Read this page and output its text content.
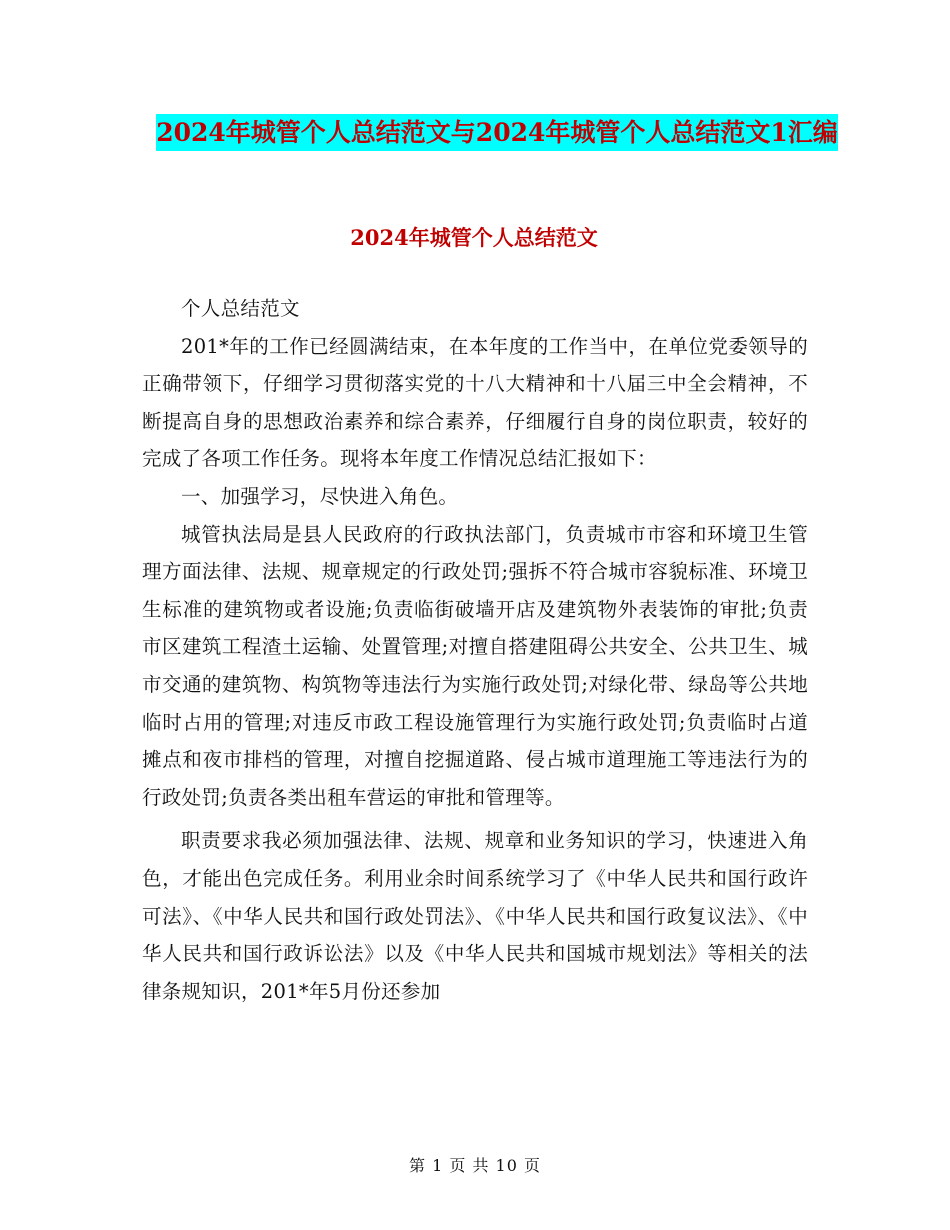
2024年城管个人总结范文与2024年城管个人总结范文1汇编
2024年城管个人总结范文

个人总结范文

201*年的工作已经圆满结束，在本年度的工作当中，在单位党委领导的正确带领下，仔细学习贯彻落实党的十八大精神和十八届三中全会精神，不断提高自身的思想政治素养和综合素养，仔细履行自身的岗位职责，较好的完成了各项工作任务。现将本年度工作情况总结汇报如下：

一、加强学习，尽快进入角色。

城管执法局是县人民政府的行政执法部门，负责城市市容和环境卫生管理方面法律、法规、规章规定的行政处罚;强拆不符合城市容貌标准、环境卫生标准的建筑物或者设施;负责临街破墙开店及建筑物外表装饰的审批;负责市区建筑工程渣土运输、处置管理;对擅自搭建阻碍公共安全、公共卫生、城市交通的建筑物、构筑物等违法行为实施行政处罚;对绿化带、绿岛等公共地临时占用的管理;对违反市政工程设施管理行为实施行政处罚;负责临时占道摊点和夜市排档的管理，对擅自挖掘道路、侵占城市道理施工等违法行为的行政处罚;负责各类出租车营运的审批和管理等。

职责要求我必须加强法律、法规、规章和业务知识的学习，快速进入角色，才能出色完成任务。利用业余时间系统学习了《中华人民共和国行政许可法》、《中华人民共和国行政处罚法》、《中华人民共和国行政复议法》、《中华人民共和国行政诉讼法》以及《中华人民共和国城市规划法》等相关的法律条规知识，201*年5月份还参加

第 1 页 共 10 页
